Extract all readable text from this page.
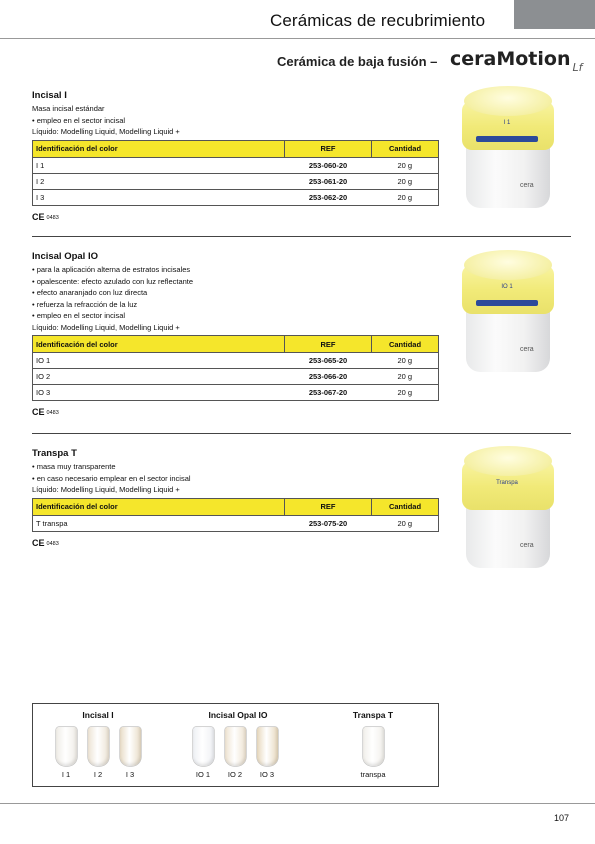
Cerámicas de recubrimiento
Cerámica de baja fusión – ceraMotion $_{Lf}$
Incisal I
Masa incisal estándar
• empleo en el sector incisal
Líquido: Modelling Liquid, Modelling Liquid +
Identificación del color	REF	Cantidad
I 1	253-060-20	20 g
I 2	253-061-20	20 g
I 3	253-062-20	20 g
CE 0483
I 1
cera
Incisal Opal IO
• para la aplicación alterna de estratos incisales
• opalescente: efecto azulado con luz reflectante
• efecto anaranjado con luz directa
• refuerza la refracción de la luz
• empleo en el sector incisal
Líquido: Modelling Liquid, Modelling Liquid +
Identificación del color	REF	Cantidad
IO 1	253-065-20	20 g
IO 2	253-066-20	20 g
IO 3	253-067-20	20 g
CE 0483
IO 1
cera
Transpa T
• masa muy transparente
• en caso necesario emplear en el sector incisal
Líquido: Modelling Liquid, Modelling Liquid +
Identificación del color	REF	Cantidad
T transpa	253-075-20	20 g
CE 0483
Transpa
cera
Incisal I	Incisal Opal IO	Transpa T
I 1	I 2	I 3	IO 1	IO 2	IO 3	transpa
107
